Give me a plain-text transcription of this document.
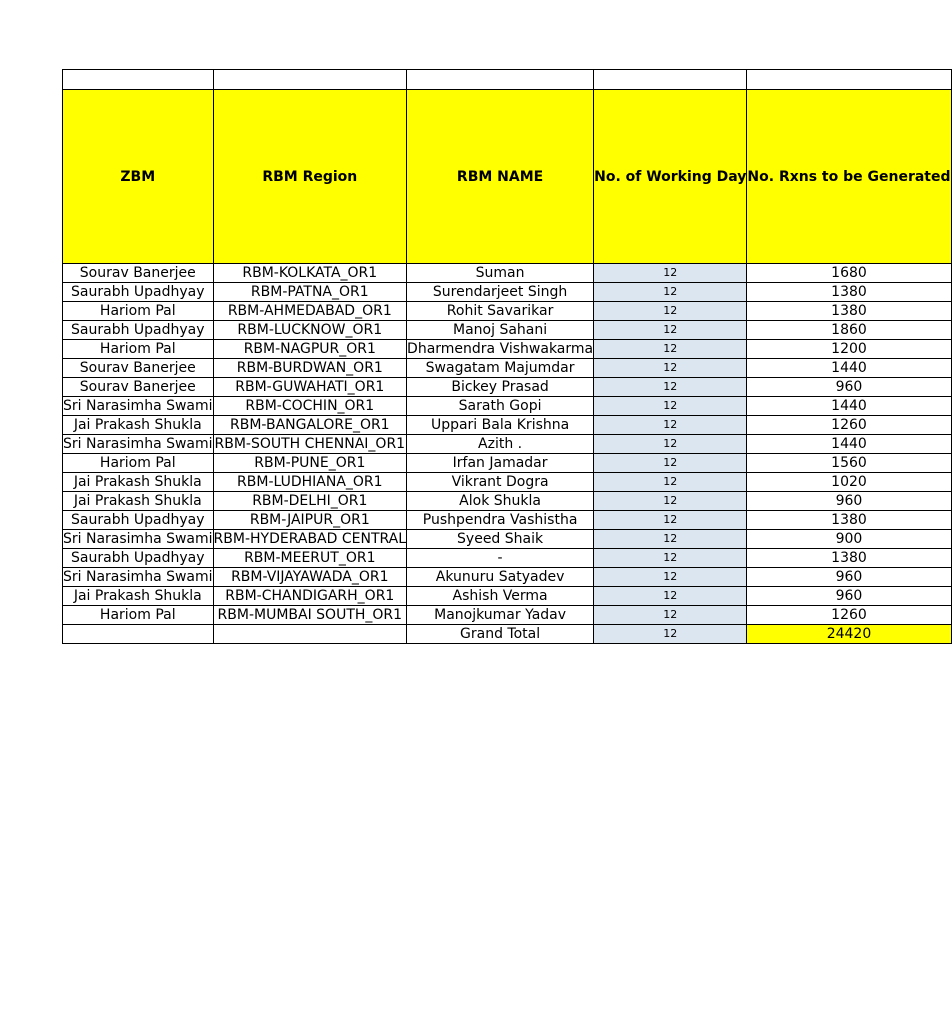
ZBM	RBM Region	RBM NAME	No. of Working Day	No. Rxns to be Generated

Sourav Banerjee	RBM-KOLKATA_OR1	Suman	12	1680

Saurabh Upadhyay	RBM-PATNA_OR1	Surendarjeet Singh	12	1380

Hariom Pal	RBM-AHMEDABAD_OR1	Rohit Savarikar	12	1380

Saurabh Upadhyay	RBM-LUCKNOW_OR1	Manoj Sahani	12	1860

Hariom Pal	RBM-NAGPUR_OR1	Dharmendra Vishwakarma	12	1200

Sourav Banerjee	RBM-BURDWAN_OR1	Swagatam Majumdar	12	1440

Sourav Banerjee	RBM-GUWAHATI_OR1	Bickey Prasad	12	960

Sri Narasimha Swami	RBM-COCHIN_OR1	Sarath Gopi	12	1440

Jai Prakash Shukla	RBM-BANGALORE_OR1	Uppari Bala Krishna	12	1260

Sri Narasimha Swami	RBM-SOUTH CHENNAI_OR1	Azith .	12	1440

Hariom Pal	RBM-PUNE_OR1	Irfan Jamadar	12	1560

Jai Prakash Shukla	RBM-LUDHIANA_OR1	Vikrant Dogra	12	1020

Jai Prakash Shukla	RBM-DELHI_OR1	Alok Shukla	12	960

Saurabh Upadhyay	RBM-JAIPUR_OR1	Pushpendra Vashistha	12	1380

Sri Narasimha Swami	RBM-HYDERABAD CENTRAL	Syeed Shaik	12	900

Saurabh Upadhyay	RBM-MEERUT_OR1	-	12	1380

Sri Narasimha Swami	RBM-VIJAYAWADA_OR1	Akunuru Satyadev	12	960

Jai Prakash Shukla	RBM-CHANDIGARH_OR1	Ashish Verma	12	960

Hariom Pal	RBM-MUMBAI SOUTH_OR1	Manojkumar Yadav	12	1260

		Grand Total	12	24420
